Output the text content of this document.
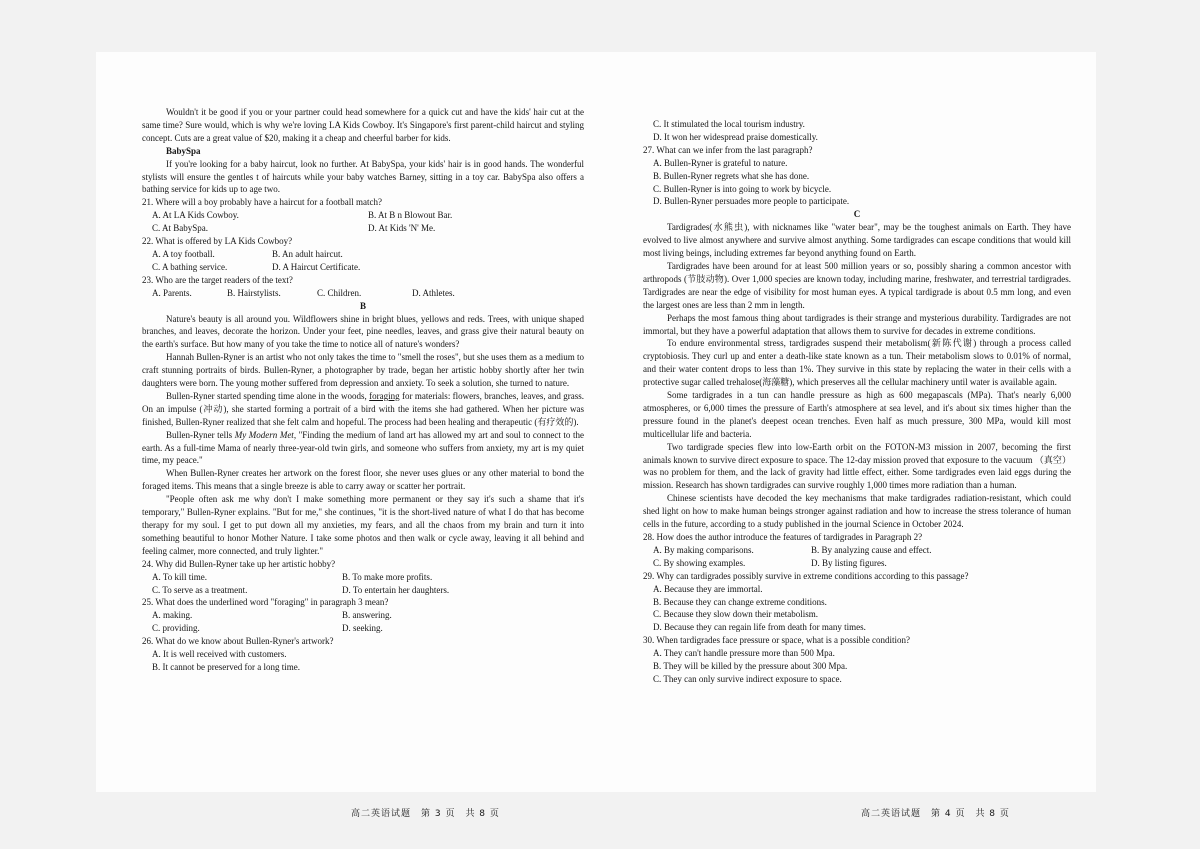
Wouldn't it be good if you or your partner could head somewhere for a quick cut and have the kids' hair cut at the same time? Sure would, which is why we're loving LA Kids Cowboy. It's Singapore's first parent-child haircut and styling concept. Cuts are a great value of $20, making it a cheap and cheerful barber for kids.

BabySpa

If you're looking for a baby haircut, look no further. At BabySpa, your kids' hair is in good hands. The wonderful stylists will ensure the gentles t of haircuts while your baby watches Barney, sitting in a toy car. BabySpa also offers a bathing service for kids up to age two.

21. Where will a boy probably have a haircut for a football match?

A. At LA Kids Cowboy.	B. At B n Blowout Bar.
C. At BabySpa.	D. At Kids 'N' Me.

22. What is offered by LA Kids Cowboy?

A. A toy football.	B. An adult haircut.
C. A bathing service.	D. A Haircut Certificate.

23. Who are the target readers of the text?

A. Parents.	B. Hairstylists.	C. Children.	D. Athletes.

B

Nature's beauty is all around you. Wildflowers shine in bright blues, yellows and reds. Trees, with unique shaped branches, and leaves, decorate the horizon. Under your feet, pine needles, leaves, and grass give their natural beauty on the earth's surface. But how many of you take the time to notice all of nature's wonders?

Hannah Bullen-Ryner is an artist who not only takes the time to "smell the roses", but she uses them as a medium to craft stunning portraits of birds. Bullen-Ryner, a photographer by trade, began her artistic hobby shortly after her twin daughters were born. The young mother suffered from depression and anxiety. To seek a solution, she turned to nature.

Bullen-Ryner started spending time alone in the woods, foraging for materials: flowers, branches, leaves, and grass. On an impulse (冲动), she started forming a portrait of a bird with the items she had gathered. When her picture was finished, Bullen-Ryner realized that she felt calm and hopeful. The process had been healing and therapeutic (有疗效的).

Bullen-Ryner tells My Modern Met, "Finding the medium of land art has allowed my art and soul to connect to the earth. As a full-time Mama of nearly three-year-old twin girls, and someone who suffers from anxiety, my art is my quiet time, my peace."

When Bullen-Ryner creates her artwork on the forest floor, she never uses glues or any other material to bond the foraged items. This means that a single breeze is able to carry away or scatter her portrait.

"People often ask me why don't I make something more permanent or they say it's such a shame that it's temporary," Bullen-Ryner explains. "But for me," she continues, "it is the short-lived nature of what I do that has become therapy for my soul. I get to put down all my anxieties, my fears, and all the chaos from my brain and turn it into something beautiful to honor Mother Nature. I take some photos and then walk or cycle away, leaving it all behind and feeling calmer, more connected, and truly lighter."

24. Why did Bullen-Ryner take up her artistic hobby?

A. To kill time.	B. To make more profits.
C. To serve as a treatment.	D. To entertain her daughters.

25. What does the underlined word "foraging" in paragraph 3 mean?

A. making.	B. answering.
C. providing.	D. seeking.

26. What do we know about Bullen-Ryner's artwork?

A. It is well received with customers.
B. It cannot be preserved for a long time.
C. It stimulated the local tourism industry.
D. It won her widespread praise domestically.

27. What can we infer from the last paragraph?

A. Bullen-Ryner is grateful to nature.
B. Bullen-Ryner regrets what she has done.
C. Bullen-Ryner is into going to work by bicycle.
D. Bullen-Ryner persuades more people to participate.

C

Tardigrades(水熊虫), with nicknames like "water bear", may be the toughest animals on Earth. They have evolved to live almost anywhere and survive almost anything. Some tardigrades can escape conditions that would kill most living beings, including extremes far beyond anything found on Earth.

Tardigrades have been around for at least 500 million years or so, possibly sharing a common ancestor with arthropods (节肢动物). Over 1,000 species are known today, including marine, freshwater, and terrestrial tardigrades. Tardigrades are near the edge of visibility for most human eyes. A typical tardigrade is about 0.5 mm long, and even the largest ones are less than 2 mm in length.

Perhaps the most famous thing about tardigrades is their strange and mysterious durability. Tardigrades are not immortal, but they have a powerful adaptation that allows them to survive for decades in extreme conditions.

To endure environmental stress, tardigrades suspend their metabolism(新陈代谢) through a process called cryptobiosis. They curl up and enter a death-like state known as a tun. Their metabolism slows to 0.01% of normal, and their water content drops to less than 1%. They survive in this state by replacing the water in their cells with a protective sugar called trehalose(海藻糖), which preserves all the cellular machinery until water is available again.

Some tardigrades in a tun can handle pressure as high as 600 megapascals (MPa). That's nearly 6,000 atmospheres, or 6,000 times the pressure of Earth's atmosphere at sea level, and it's about six times higher than the pressure found in the planet's deepest ocean trenches. Even half as much pressure, 300 MPa, would kill most multicellular life and bacteria.

Two tardigrade species flew into low-Earth orbit on the FOTON-M3 mission in 2007, becoming the first animals known to survive direct exposure to space. The 12-day mission proved that exposure to the vacuum （真空） was no problem for them, and the lack of gravity had little effect, either. Some tardigrades even laid eggs during the mission. Research has shown tardigrades can survive roughly 1,000 times more radiation than a human.

Chinese scientists have decoded the key mechanisms that make tardigrades radiation-resistant, which could shed light on how to make human beings stronger against radiation and how to increase the stress tolerance of human cells in the future, according to a study published in the journal Science in October 2024.

28. How does the author introduce the features of tardigrades in Paragraph 2?

A. By making comparisons.	B. By analyzing cause and effect.
C. By showing examples.	D. By listing figures.

29. Why can tardigrades possibly survive in extreme conditions according to this passage?

A. Because they are immortal.
B. Because they can change extreme conditions.
C. Because they slow down their metabolism.
D. Because they can regain life from death for many times.

30. When tardigrades face pressure or space, what is a possible condition?

A. They can't handle pressure more than 500 Mpa.
B. They will be killed by the pressure about 300 Mpa.
C. They can only survive indirect exposure to space.
高二英语试题　第 3 页　共 8 页	高二英语试题　第 4 页　共 8 页
